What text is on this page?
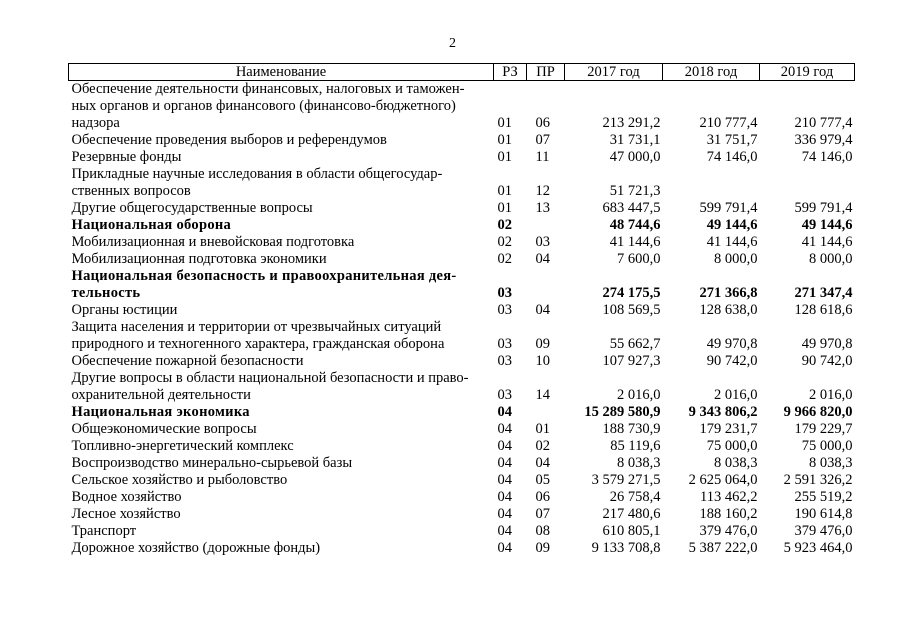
2
Наименование	РЗ	ПР	2017 год	2018 год	2019 год
Обеспечение деятельности финансовых, налоговых и таможен-					
ных органов и органов финансового (финансово-бюджетного)					
надзора	01	06	213 291,2	210 777,4	210 777,4
Обеспечение проведения выборов и референдумов	01	07	31 731,1	31 751,7	336 979,4
Резервные фонды	01	11	47 000,0	74 146,0	74 146,0
Прикладные научные исследования в области общегосудар-					
ственных вопросов	01	12	51 721,3		
Другие общегосударственные вопросы	01	13	683 447,5	599 791,4	599 791,4
Национальная оборона	02		48 744,6	49 144,6	49 144,6
Мобилизационная и вневойсковая подготовка	02	03	41 144,6	41 144,6	41 144,6
Мобилизационная подготовка экономики	02	04	7 600,0	8 000,0	8 000,0
Национальная безопасность и правоохранительная дея-					
тельность	03		274 175,5	271 366,8	271 347,4
Органы юстиции	03	04	108 569,5	128 638,0	128 618,6
Защита населения и территории от чрезвычайных ситуаций					
природного и техногенного характера, гражданская оборона	03	09	55 662,7	49 970,8	49 970,8
Обеспечение пожарной безопасности	03	10	107 927,3	90 742,0	90 742,0
Другие вопросы в области национальной безопасности и право-					
охранительной деятельности	03	14	2 016,0	2 016,0	2 016,0
Национальная экономика	04		15 289 580,9	9 343 806,2	9 966 820,0
Общеэкономические вопросы	04	01	188 730,9	179 231,7	179 229,7
Топливно-энергетический комплекс	04	02	85 119,6	75 000,0	75 000,0
Воспроизводство минерально-сырьевой базы	04	04	8 038,3	8 038,3	8 038,3
Сельское хозяйство и рыболовство	04	05	3 579 271,5	2 625 064,0	2 591 326,2
Водное хозяйство	04	06	26 758,4	113 462,2	255 519,2
Лесное хозяйство	04	07	217 480,6	188 160,2	190 614,8
Транспорт	04	08	610 805,1	379 476,0	379 476,0
Дорожное хозяйство (дорожные фонды)	04	09	9 133 708,8	5 387 222,0	5 923 464,0
